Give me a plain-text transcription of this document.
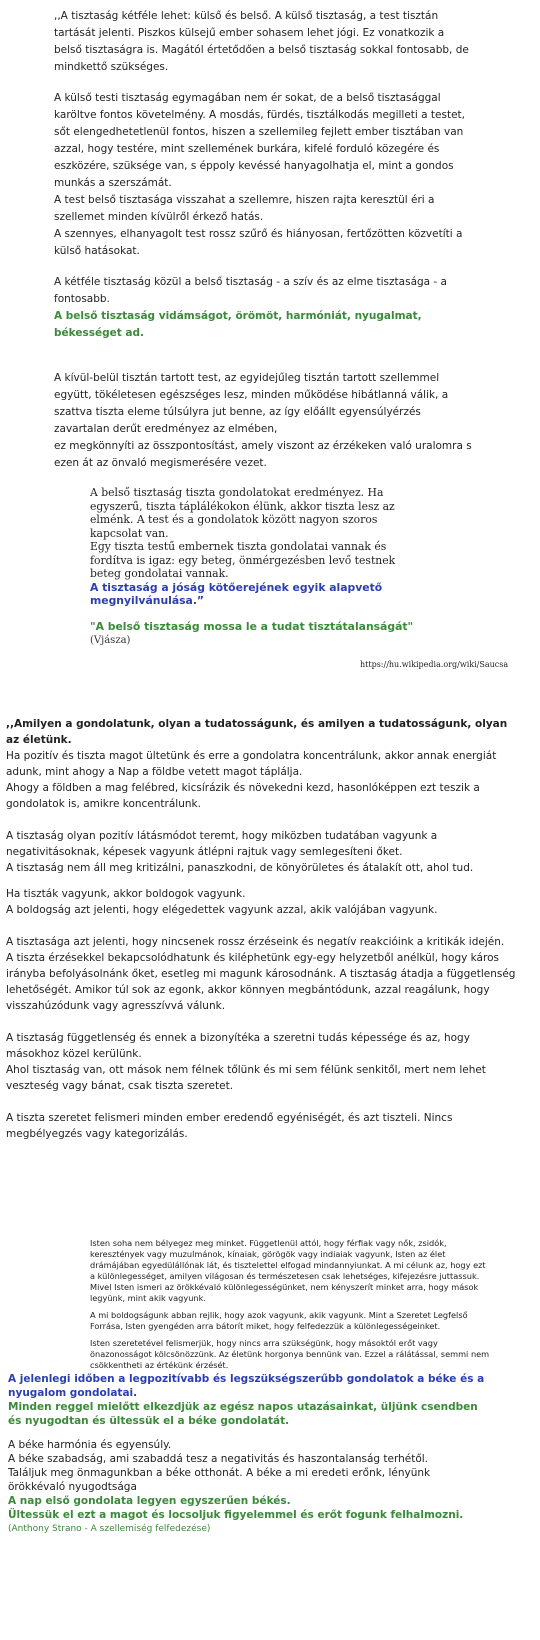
,,A tisztaság kétféle lehet: külső és belső. A külső tisztaság, a test tisztán tartását jelenti. Piszkos külsejű ember sohasem lehet jógi. Ez vonatkozik a belső tisztaságra is. Magától értetődően a belső tisztaság sokkal fontosabb, de mindkettő szükséges.

A külső testi tisztaság egymagában nem ér sokat, de a belső tisztasággal karöltve fontos követelmény. A mosdás, fürdés, tisztálkodás megilleti a testet, sőt elengedhetetlenül fontos, hiszen a szellemileg fejlett ember tisztában van azzal, hogy testére, mint szellemének burkára, kifelé forduló közegére és eszközére, szüksége van, s éppoly kevéssé hanyagolhatja el, mint a gondos munkás a szerszámát.

A test belső tisztasága visszahat a szellemre, hiszen rajta keresztül éri a szellemet minden kívülről érkező hatás.

A szennyes, elhanyagolt test rossz szűrő és hiányosan, fertőzötten közvetíti a külső hatásokat.

A kétféle tisztaság közül a belső tisztaság - a szív és az elme tisztasága - a fontosabb.

A belső tisztaság vidámságot, örömöt, harmóniát, nyugalmat, békességet ad.

A kívül-belül tisztán tartott test, az egyidejűleg tisztán tartott szellemmel együtt, tökéletesen egészséges lesz, minden működése hibátlanná válik, a szattva tiszta eleme túlsúlyra jut benne, az így előállt egyensúlyérzés zavartalan derűt eredményez az elmében,

ez megkönnyíti az összpontosítást, amely viszont az érzékeken való uralomra s ezen át az önvaló megismerésére vezet.

A belső tisztaság tiszta gondolatokat eredményez. Ha egyszerű, tiszta táplálékokon élünk, akkor tiszta lesz az elménk. A test és a gondolatok között nagyon szoros kapcsolat van.

Egy tiszta testű embernek tiszta gondolatai vannak és fordítva is igaz: egy beteg, önmérgezésben levő testnek beteg gondolatai vannak.

A tisztaság a jóság kötőerejének egyik alapvető megnyilvánulása.”

"A belső tisztaság mossa le a tudat tisztátalanságát" (Vjásza)

https://hu.wikipedia.org/wiki/Saucsa

,,Amilyen a gondolatunk, olyan a tudatosságunk, és amilyen a tudatosságunk, olyan az életünk.

Ha pozitív és tiszta magot ültetünk és erre a gondolatra koncentrálunk, akkor annak energiát adunk, mint ahogy a Nap a földbe vetett magot táplálja.

Ahogy a földben a mag felébred, kicsírázik és növekedni kezd, hasonlóképpen ezt teszik a gondolatok is, amikre koncentrálunk.

A tisztaság olyan pozitív látásmódot teremt, hogy miközben tudatában vagyunk a negativitásoknak, képesek vagyunk átlépni rajtuk vagy semlegesíteni őket.

A tisztaság nem áll meg kritizálni, panaszkodni, de könyörületes és átalakít ott, ahol tud.

Ha tiszták vagyunk, akkor boldogok vagyunk.

A boldogság azt jelenti, hogy elégedettek vagyunk azzal, akik valójában vagyunk.

A tisztasága azt jelenti, hogy nincsenek rossz érzéseink és negatív reakcióink a kritikák idején.

A tiszta érzésekkel bekapcsolódhatunk és kiléphetünk egy-egy helyzetből anélkül, hogy káros irányba befolyásolnánk őket, esetleg mi magunk károsodnánk. A tisztaság átadja a függetlenség lehetőségét. Amikor túl sok az egonk, akkor könnyen megbántódunk, azzal reagálunk, hogy visszahúzódunk vagy agresszívvá válunk.

A tisztaság függetlenség és ennek a bizonyítéka a szeretni tudás képessége és az, hogy másokhoz közel kerülünk.

Ahol tisztaság van, ott mások nem félnek tőlünk és mi sem félünk senkitől, mert nem lehet veszteség vagy bánat, csak tiszta szeretet.

A tiszta szeretet felismeri minden ember eredendő egyéniségét, és azt tiszteli. Nincs megbélyegzés vagy kategorizálás.

Isten soha nem bélyegez meg minket. Függetlenül attól, hogy férfiak vagy nők, zsidók, keresztények vagy muzulmánok, kínaiak, görögök vagy indiaiak vagyunk, Isten az élet drámájában egyedülállónak lát, és tisztelettel elfogad mindannyiunkat. A mi célunk az, hogy ezt a különlegességet, amilyen világosan és természetesen csak lehetséges, kifejezésre juttassuk.

Mivel Isten ismeri az örökkévaló különlegességünket, nem kényszerít minket arra, hogy mások legyünk, mint akik vagyunk.

A mi boldogságunk abban rejlik, hogy azok vagyunk, akik vagyunk. Mint a Szeretet Legfelső Forrása, Isten gyengéden arra bátorít miket, hogy felfedezzük a különlegességeinket.

Isten szeretetével felismerjük, hogy nincs arra szükségünk, hogy másoktól erőt vagy önazonosságot kölcsönözzünk. Az életünk horgonya bennünk van. Ezzel a rálátással, semmi nem csökkentheti az értékünk érzését.

A jelenlegi időben a legpozitívabb és legszükségszerűbb gondolatok a béke és a nyugalom gondolatai.

Minden reggel mielőtt elkezdjük az egész napos utazásainkat, üljünk csendben és nyugodtan és ültessük el a béke gondolatát.

A béke harmónia és egyensúly.

A béke szabadság, ami szabaddá tesz a negativitás és haszontalanság terhétől.

Találjuk meg önmagunkban a béke otthonát. A béke a mi eredeti erőnk, lényünk örökkévaló nyugodtsága

A nap első gondolata legyen egyszerűen békés.

Ültessük el ezt a magot és locsoljuk figyelemmel és erőt fogunk felhalmozni.

(Anthony Strano - A szellemiség felfedezése)
